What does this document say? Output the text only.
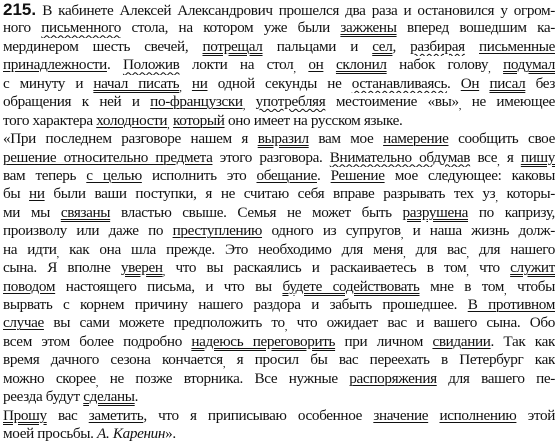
215. В кабинете Алексей Александрович прошелся два раза и остановился у огром-
ного письменного стола, на котором уже были зажжены вперед вошедшим ка-
мердинером шесть свечей, потрещал пальцами и сел, разбирая письменные
принадлежности. Положив локти на стол, он склонил набок голову, подумал
с минуту и начал писать, ни одной секунды не останавливаясь. Он писал без
обращения к ней и по-французски, употребляя местоимение «вы», не имеющее
того характера холодности, который оно имеет на русском языке.
«При последнем разговоре нашем я выразил вам мое намерение сообщить свое
решение относительно предмета этого разговора. Внимательно обдумав все, я пишу
вам теперь с целью исполнить это обещание. Решение мое следующее: каковы
бы ни были ваши поступки, я не считаю себя вправе разрывать тех уз, которы-
ми мы связаны властью свыше. Семья не может быть разрушена по капризу,
произволу или даже по преступлению одного из супругов, и наша жизнь долж-
на идти, как она шла прежде. Это необходимо для меня, для вас, для нашего
сына. Я вполне уверен, что вы раскаялись и раскаиваетесь в том, что служит
поводом настоящего письма, и что вы будете содействовать мне в том, чтобы
вырвать с корнем причину нашего раздора и забыть прошедшее. В противном
случае вы сами можете предположить то, что ожидает вас и вашего сына. Обо
всем этом более подробно надеюсь переговорить при личном свидании. Так как
время дачного сезона кончается, я просил бы вас переехать в Петербург как
можно скорее, не позже вторника. Все нужные распоряжения для вашего пе-
реезда будут сделаны.
Прошу вас заметить, что я приписываю особенное значение исполнению этой
моей просьбы. А. Каренин».
